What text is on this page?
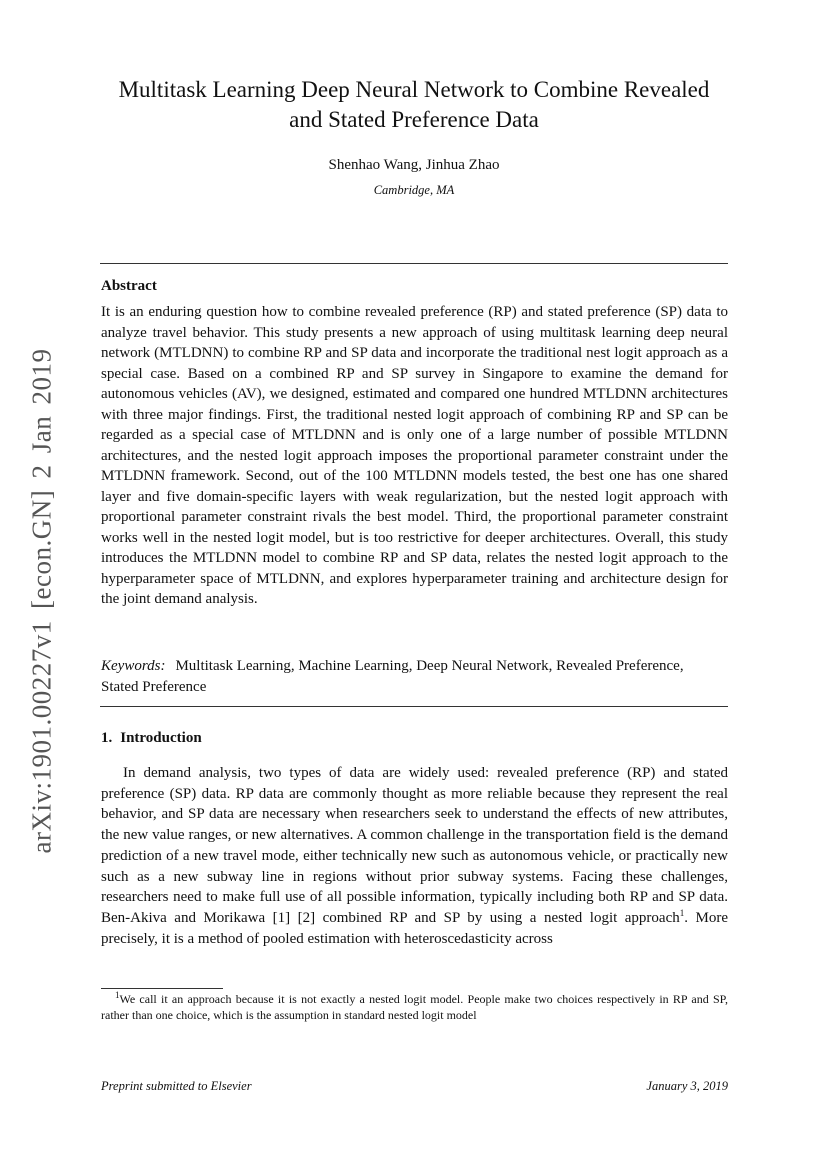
arXiv:1901.00227v1 [econ.GN] 2 Jan 2019
Multitask Learning Deep Neural Network to Combine Revealed and Stated Preference Data
Shenhao Wang, Jinhua Zhao
Cambridge, MA
Abstract
It is an enduring question how to combine revealed preference (RP) and stated preference (SP) data to analyze travel behavior. This study presents a new approach of using multitask learning deep neural network (MTLDNN) to combine RP and SP data and incorporate the traditional nest logit approach as a special case. Based on a combined RP and SP survey in Singapore to examine the demand for autonomous vehicles (AV), we designed, estimated and compared one hundred MTLDNN architectures with three major findings. First, the traditional nested logit approach of combining RP and SP can be regarded as a special case of MTLDNN and is only one of a large number of possible MTLDNN architectures, and the nested logit approach imposes the proportional parameter constraint under the MTLDNN framework. Second, out of the 100 MTLDNN models tested, the best one has one shared layer and five domain-specific layers with weak regularization, but the nested logit approach with proportional parameter constraint rivals the best model. Third, the proportional parameter constraint works well in the nested logit model, but is too restrictive for deeper architectures. Overall, this study introduces the MTLDNN model to combine RP and SP data, relates the nested logit approach to the hyperparameter space of MTLDNN, and explores hyperparameter training and architecture design for the joint demand analysis.
Keywords: Multitask Learning, Machine Learning, Deep Neural Network, Revealed Preference, Stated Preference
1. Introduction
In demand analysis, two types of data are widely used: revealed preference (RP) and stated preference (SP) data. RP data are commonly thought as more reliable because they represent the real behavior, and SP data are necessary when researchers seek to understand the effects of new attributes, the new value ranges, or new alternatives. A common challenge in the transportation field is the demand prediction of a new travel mode, either technically new such as autonomous vehicle, or practically new such as a new subway line in regions without prior subway systems. Facing these challenges, researchers need to make full use of all possible information, typically including both RP and SP data. Ben-Akiva and Morikawa [1] [2] combined RP and SP by using a nested logit approach$^1$. More precisely, it is a method of pooled estimation with heteroscedasticity across
$^1$We call it an approach because it is not exactly a nested logit model. People make two choices respectively in RP and SP, rather than one choice, which is the assumption in standard nested logit model
Preprint submitted to Elsevier	January 3, 2019
